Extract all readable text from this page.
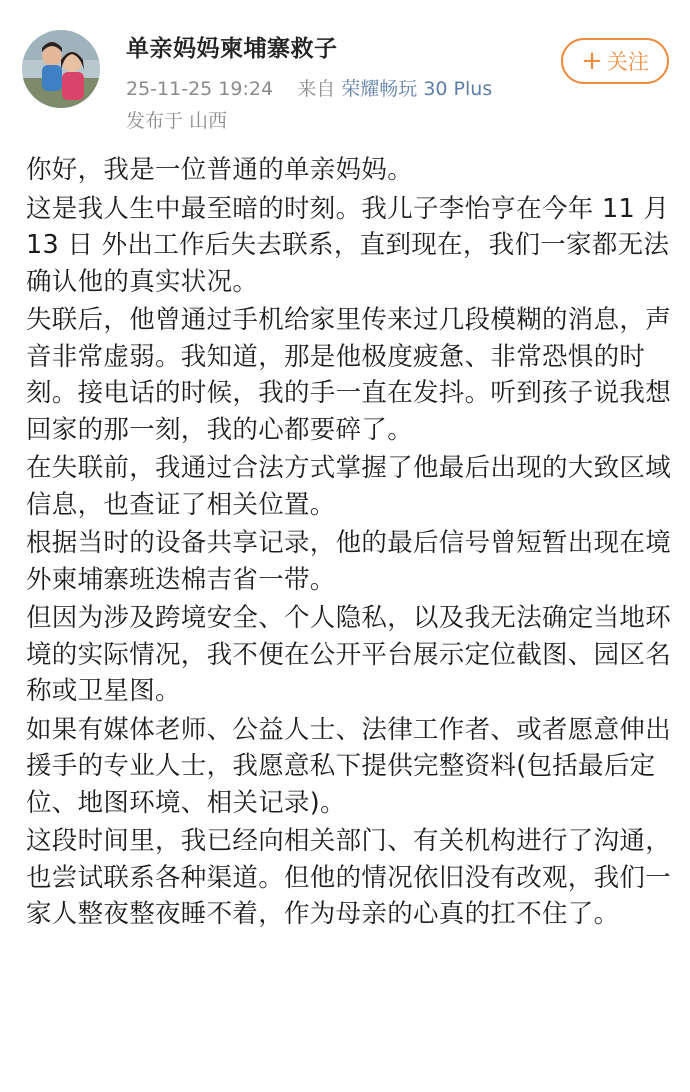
单亲妈妈柬埔寨救子
25-11-25 19:24 来自 荣耀畅玩 30 Plus
发布于 山西
+ 关注

你好，我是一位普通的单亲妈妈。

这是我人生中最至暗的时刻。我儿子李怡亨在今年 11 月 13 日 外出工作后失去联系，直到现在，我们一家都无法确认他的真实状况。

失联后，他曾通过手机给家里传来过几段模糊的消息，声音非常虚弱。我知道，那是他极度疲惫、非常恐惧的时刻。接电话的时候，我的手一直在发抖。听到孩子说我想回家的那一刻，我的心都要碎了。

在失联前，我通过合法方式掌握了他最后出现的大致区域信息，也查证了相关位置。

根据当时的设备共享记录，他的最后信号曾短暂出现在境外柬埔寨班迭棉吉省一带。

但因为涉及跨境安全、个人隐私，以及我无法确定当地环境的实际情况，我不便在公开平台展示定位截图、园区名称或卫星图。

如果有媒体老师、公益人士、法律工作者、或者愿意伸出援手的专业人士，我愿意私下提供完整资料(包括最后定位、地图环境、相关记录)。

这段时间里，我已经向相关部门、有关机构进行了沟通，也尝试联系各种渠道。但他的情况依旧没有改观，我们一家人整夜整夜睡不着，作为母亲的心真的扛不住了。
